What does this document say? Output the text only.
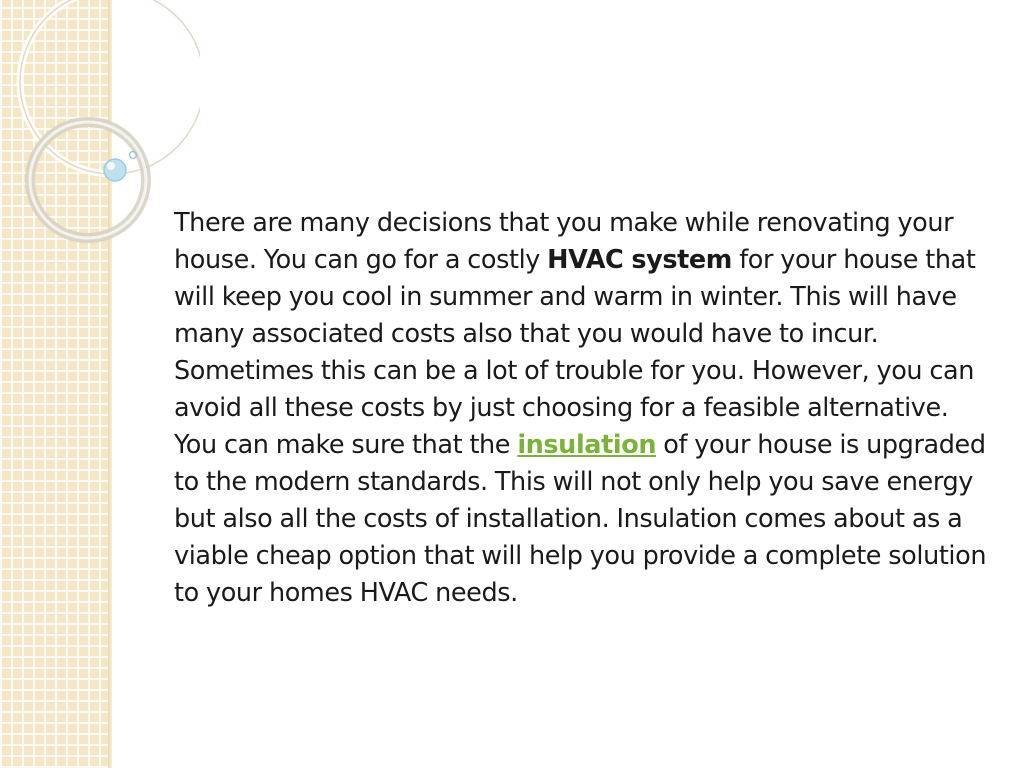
There are many decisions that you make while renovating your house. You can go for a costly HVAC system for your house that will keep you cool in summer and warm in winter. This will have many associated costs also that you would have to incur. Sometimes this can be a lot of trouble for you. However, you can avoid all these costs by just choosing for a feasible alternative. You can make sure that the insulation of your house is upgraded to the modern standards. This will not only help you save energy but also all the costs of installation. Insulation comes about as a viable cheap option that will help you provide a complete solution to your homes HVAC needs.
